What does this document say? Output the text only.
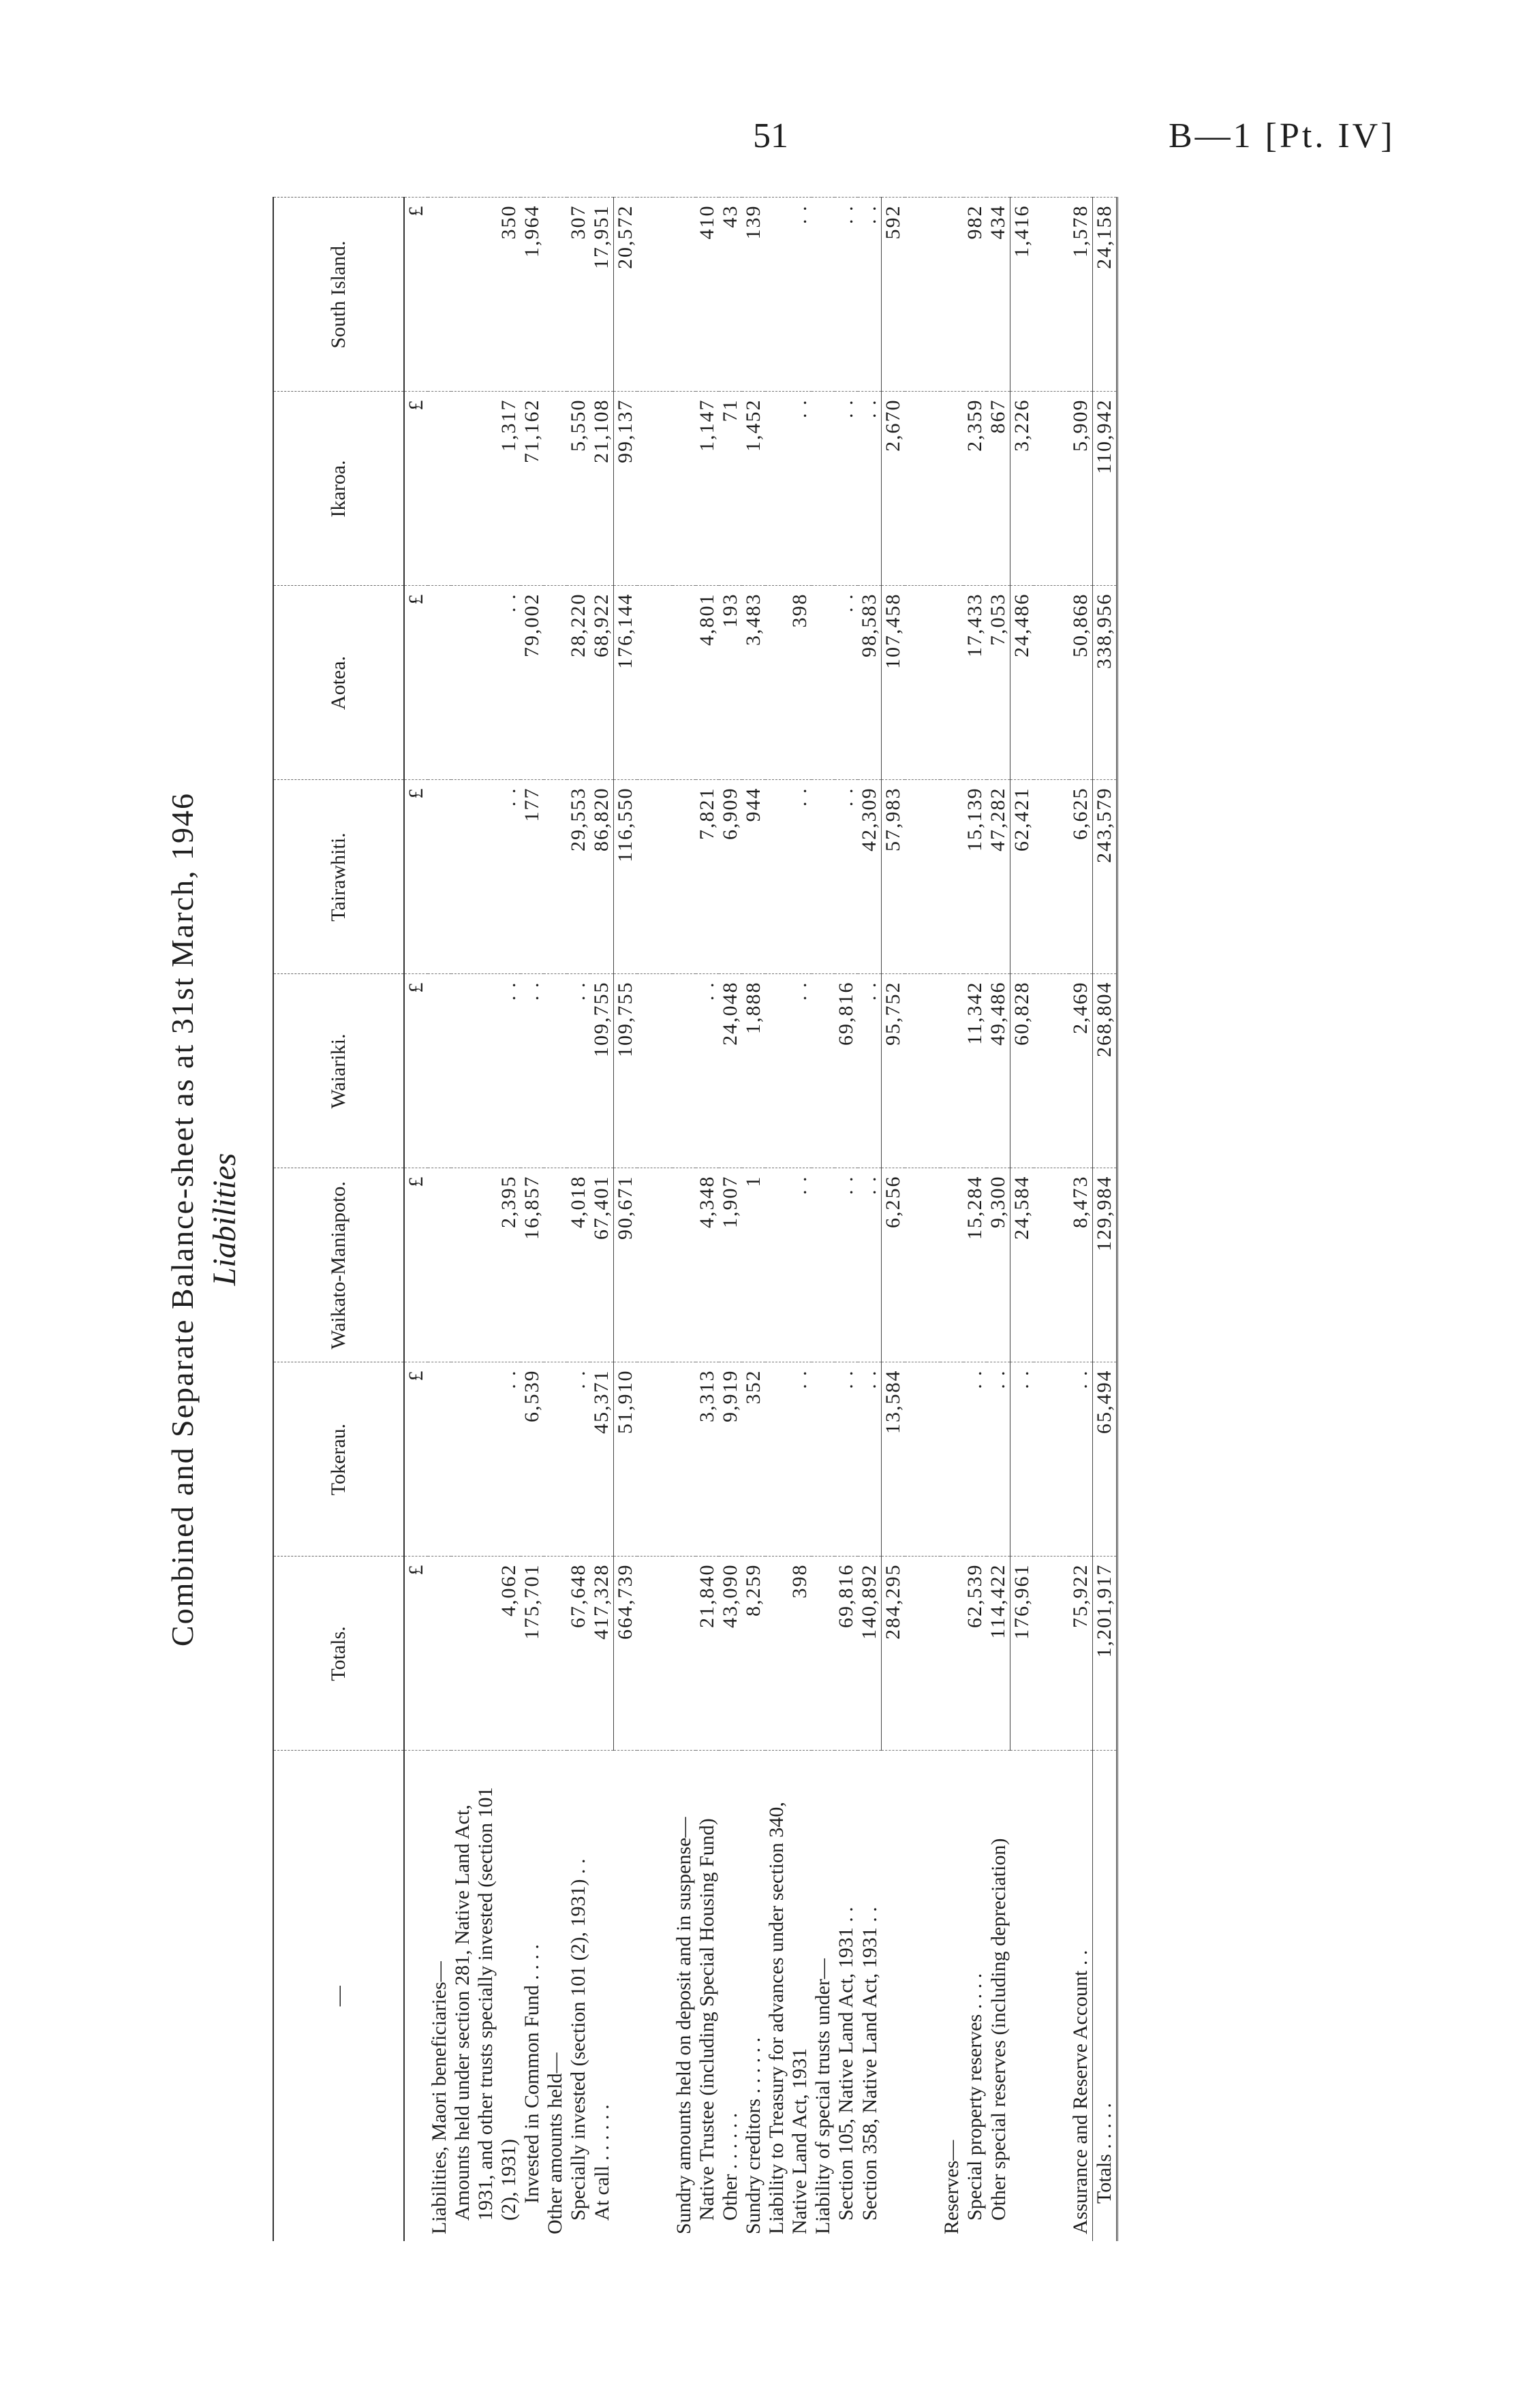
51	B—1 [Pt. IV]
Combined and Separate Balance-sheet as at 31st March, 1946 Liabilities
—	Totals.	Tokerau.	Waikato-Maniapoto.	Waiariki.	Tairawhiti.	Aotea.	Ikaroa.	South Island.
	£	£	£	£	£	£	£	£
Liabilities, Maori beneficiaries—								
Amounts held under section 281, Native Land Act, 1931, and other trusts specially invested (section 101 (2), 1931)	4,062	. .	2,395	. .	. .	. .	1,317	350
Invested in Common Fund . . . .	175,701	6,539	16,857	. .	177	79,002	71,162	1,964
Other amounts held—								
Specially invested (section 101 (2), 1931) . .	67,648	. .	4,018	. .	29,553	28,220	5,550	307
At call . . . . . .	417,328	45,371	67,401	109,755	86,820	68,922	21,108	17,951
	664,739	51,910	90,671	109,755	116,550	176,144	99,137	20,572

Sundry amounts held on deposit and in suspense—								
Native Trustee (including Special Housing Fund)	21,840	3,313	4,348	. .	7,821	4,801	1,147	410
Other . . . . . .	43,090	9,919	1,907	24,048	6,909	193	71	43
Sundry creditors . . . . . .	8,259	352	1	1,888	944	3,483	1,452	139
Liability to Treasury for advances under section 340, Native Land Act, 1931	398	. .	. .	. .	. .	398	. .	. .
Liability of special trusts under—								
Section 105, Native Land Act, 1931 . .	69,816	. .	. .	69,816	. .	. .	. .	. .
Section 358, Native Land Act, 1931 . .	140,892	. .	. .	. .	42,309	98,583	. .	. .
	284,295	13,584	6,256	95,752	57,983	107,458	2,670	592

Reserves—								
Special property reserves . . . .	62,539	. .	15,284	11,342	15,139	17,433	2,359	982
Other special reserves (including depreciation)	114,422	. .	9,300	49,486	47,282	7,053	867	434
	176,961	. .	24,584	60,828	62,421	24,486	3,226	1,416

Assurance and Reserve Account . .	75,922	. .	8,473	2,469	6,625	50,868	5,909	1,578
Totals . . . . .	1,201,917	65,494	129,984	268,804	243,579	338,956	110,942	24,158
